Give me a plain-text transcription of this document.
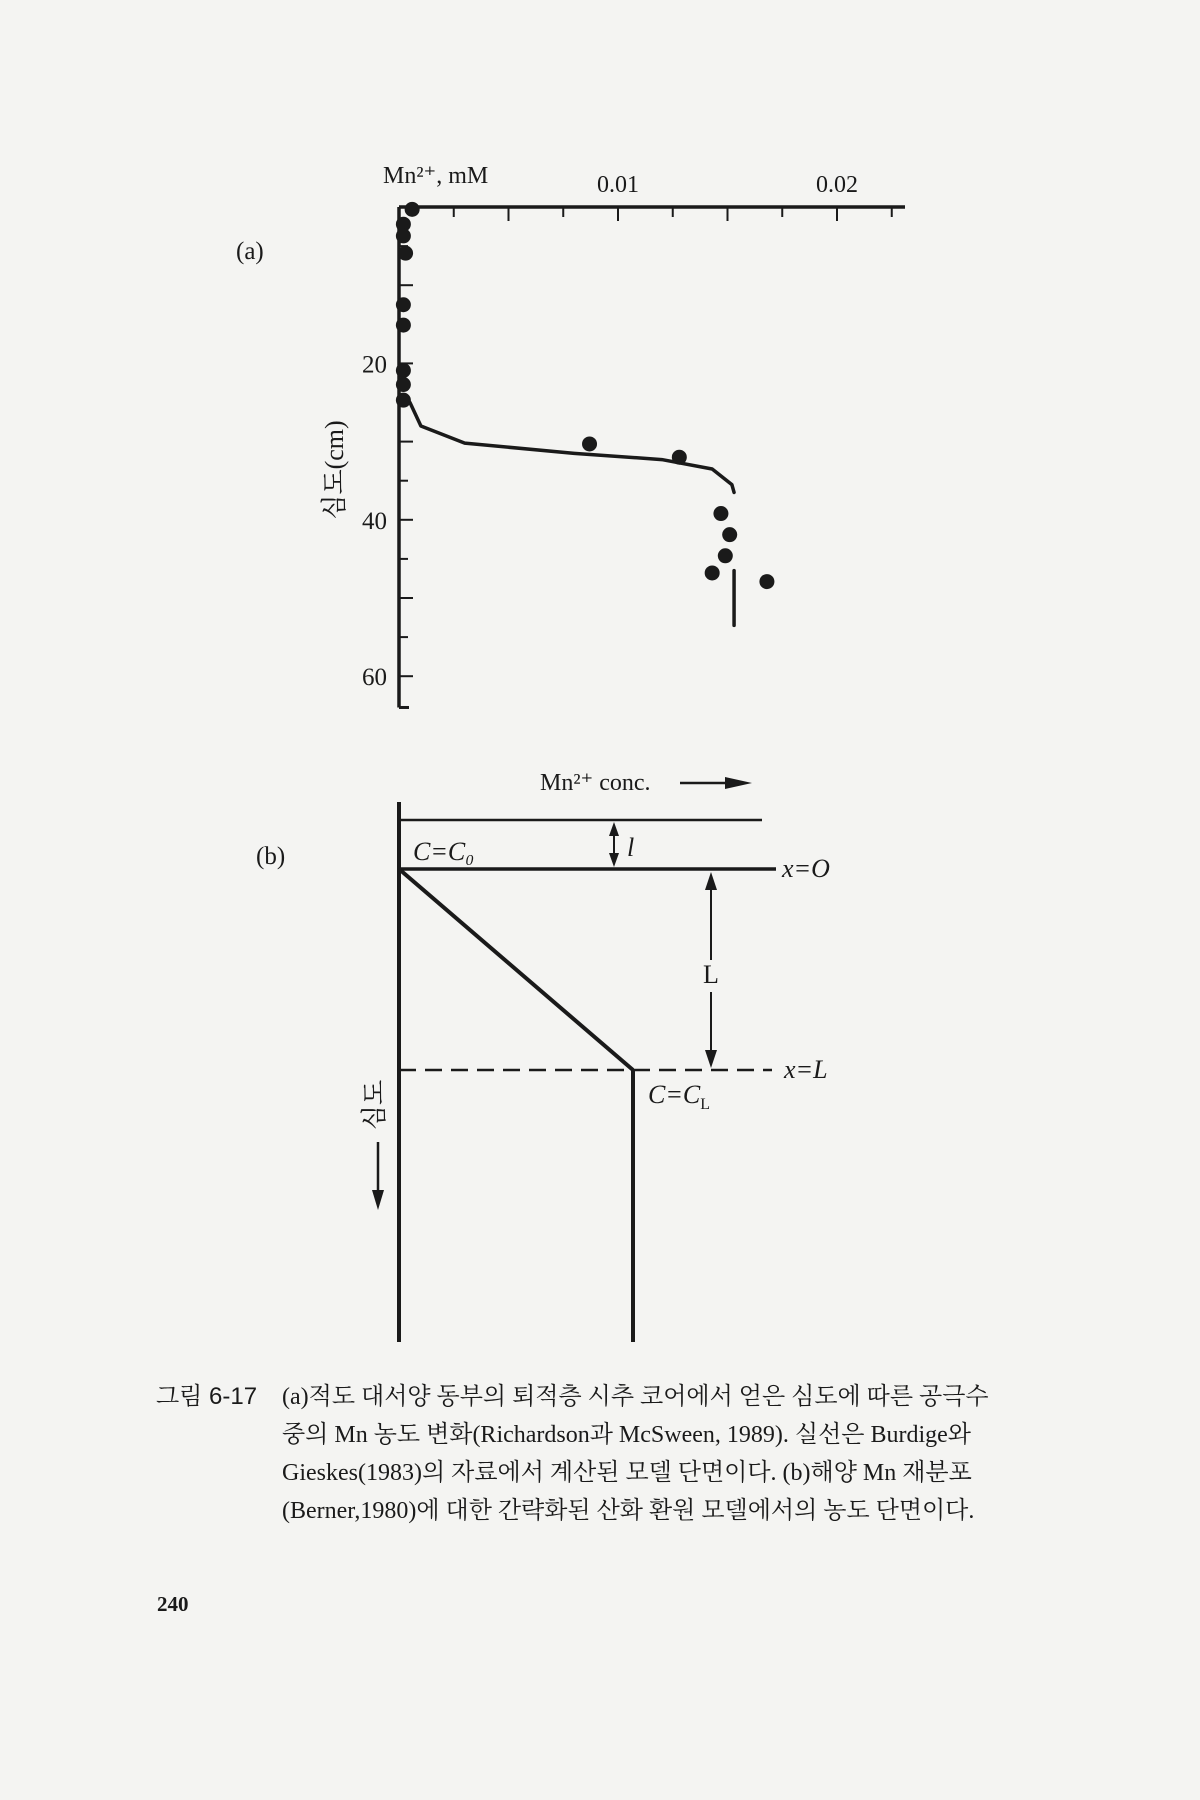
(a)
Mn²⁺, mM
심도(cm)
0.01	0.02
20
40
60
(b)
Mn²⁺ conc.
C=C₀	l
x=O
$C=C_L$
x=L
L
심도
그림 6-17 (a)적도 대서양 동부의 퇴적층 시추 코어에서 얻은 심도에 따른 공극수
중의 Mn 농도 변화(Richardson과 McSween, 1989). 실선은 Burdige와
Gieskes(1983)의 자료에서 계산된 모델 단면이다. (b)해양 Mn 재분포
(Berner,1980)에 대한 간략화된 산화 환원 모델에서의 농도 단면이다.
240
